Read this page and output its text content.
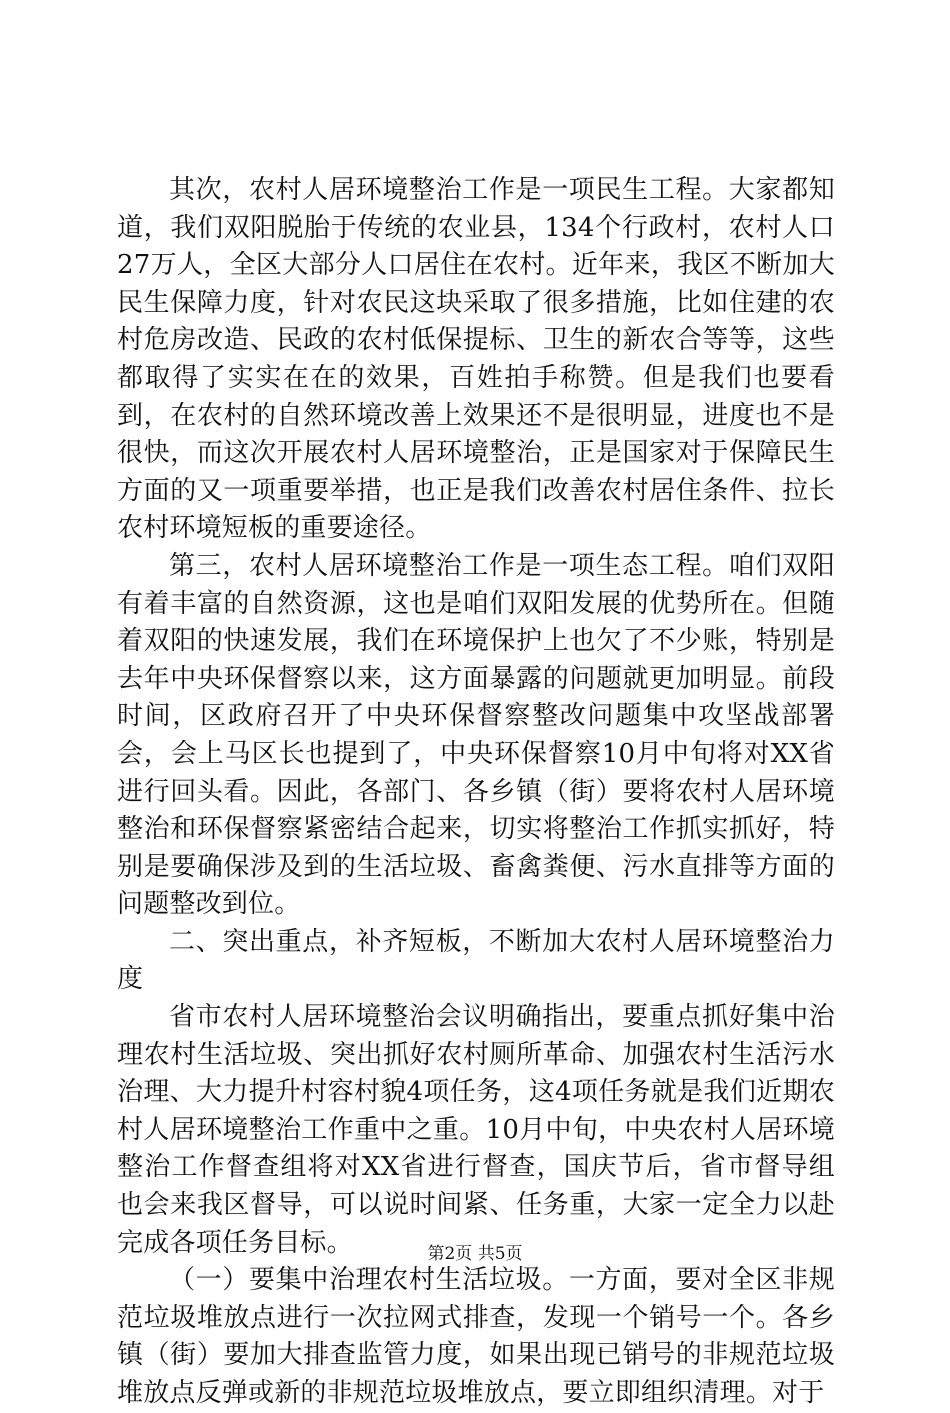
其次，农村人居环境整治工作是一项民生工程。大家都知道，我们双阳脱胎于传统的农业县，134个行政村，农村人口27万人，全区大部分人口居住在农村。近年来，我区不断加大民生保障力度，针对农民这块采取了很多措施，比如住建的农村危房改造、民政的农村低保提标、卫生的新农合等等，这些都取得了实实在在的效果，百姓拍手称赞。但是我们也要看到，在农村的自然环境改善上效果还不是很明显，进度也不是很快，而这次开展农村人居环境整治，正是国家对于保障民生方面的又一项重要举措，也正是我们改善农村居住条件、拉长农村环境短板的重要途径。

第三，农村人居环境整治工作是一项生态工程。咱们双阳有着丰富的自然资源，这也是咱们双阳发展的优势所在。但随着双阳的快速发展，我们在环境保护上也欠了不少账，特别是去年中央环保督察以来，这方面暴露的问题就更加明显。前段时间，区政府召开了中央环保督察整改问题集中攻坚战部署会，会上马区长也提到了，中央环保督察10月中旬将对XX省进行回头看。因此，各部门、各乡镇（街）要将农村人居环境整治和环保督察紧密结合起来，切实将整治工作抓实抓好，特别是要确保涉及到的生活垃圾、畜禽粪便、污水直排等方面的问题整改到位。

二、突出重点，补齐短板，不断加大农村人居环境整治力度

省市农村人居环境整治会议明确指出，要重点抓好集中治理农村生活垃圾、突出抓好农村厕所革命、加强农村生活污水治理、大力提升村容村貌4项任务，这4项任务就是我们近期农村人居环境整治工作重中之重。10月中旬，中央农村人居环境整治工作督查组将对XX省进行督查，国庆节后，省市督导组也会来我区督导，可以说时间紧、任务重，大家一定全力以赴完成各项任务目标。

（一）要集中治理农村生活垃圾。一方面，要对全区非规范垃圾堆放点进行一次拉网式排查，发现一个销号一个。各乡镇（街）要加大排查监管力度，如果出现已销号的非规范垃圾堆放点反弹或新的非规范垃圾堆放点，要立即组织清理。对于

第2页 共5页
